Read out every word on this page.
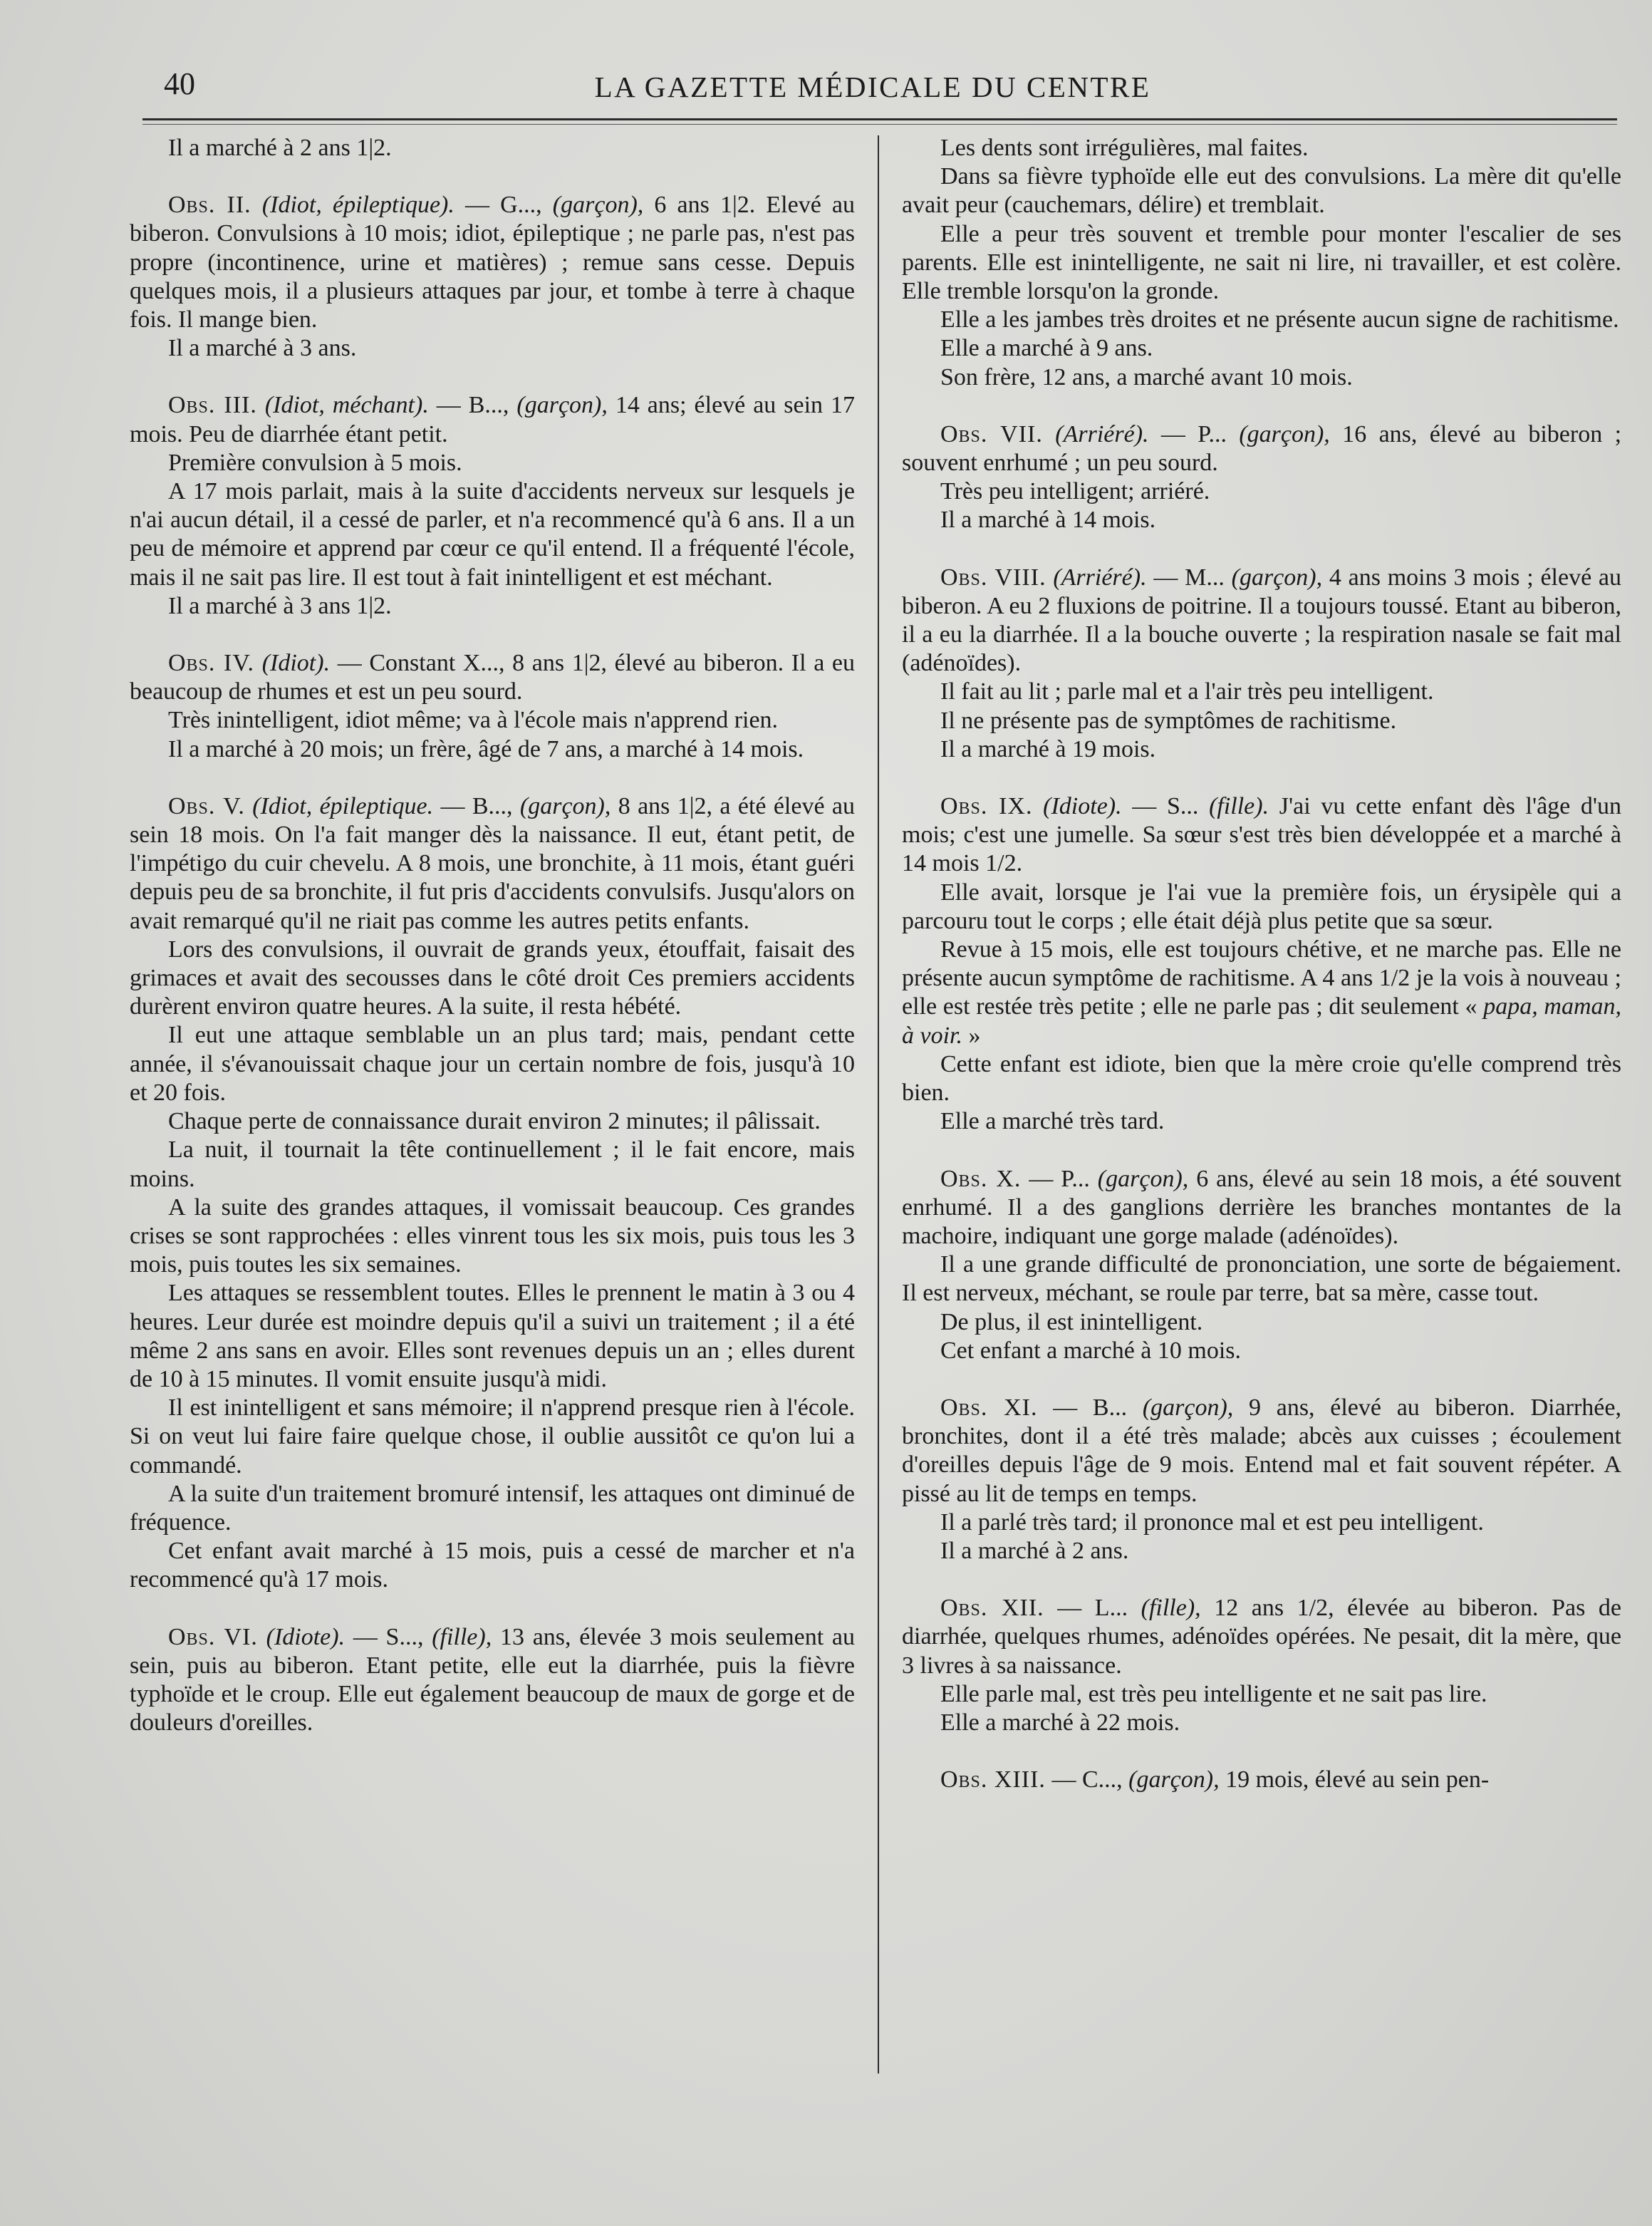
40	LA GAZETTE MÉDICALE DU CENTRE

Il a marché à 2 ans 1|2.

Obs. II. (Idiot, épileptique). — G..., (garçon), 6 ans 1|2. Elevé au biberon. Convulsions à 10 mois; idiot, épileptique ; ne parle pas, n'est pas propre (incontinence, urine et matières) ; remue sans cesse. Depuis quelques mois, il a plusieurs attaques par jour, et tombe à terre à chaque fois. Il mange bien.

Il a marché à 3 ans.

Obs. III. (Idiot, méchant). — B..., (garçon), 14 ans; élevé au sein 17 mois. Peu de diarrhée étant petit.

Première convulsion à 5 mois.

A 17 mois parlait, mais à la suite d'accidents nerveux sur lesquels je n'ai aucun détail, il a cessé de parler, et n'a recommencé qu'à 6 ans. Il a un peu de mémoire et apprend par cœur ce qu'il entend. Il a fréquenté l'école, mais il ne sait pas lire. Il est tout à fait inintelligent et est méchant.

Il a marché à 3 ans 1|2.

Obs. IV. (Idiot). — Constant X..., 8 ans 1|2, élevé au biberon. Il a eu beaucoup de rhumes et est un peu sourd.

Très inintelligent, idiot même; va à l'école mais n'apprend rien.

Il a marché à 20 mois; un frère, âgé de 7 ans, a marché à 14 mois.

Obs. V. (Idiot, épileptique. — B..., (garçon), 8 ans 1|2, a été élevé au sein 18 mois. On l'a fait manger dès la naissance. Il eut, étant petit, de l'impétigo du cuir chevelu. A 8 mois, une bronchite, à 11 mois, étant guéri depuis peu de sa bronchite, il fut pris d'accidents convulsifs. Jusqu'alors on avait remarqué qu'il ne riait pas comme les autres petits enfants.

Lors des convulsions, il ouvrait de grands yeux, étouffait, faisait des grimaces et avait des secousses dans le côté droit Ces premiers accidents durèrent environ quatre heures. A la suite, il resta hébété.

Il eut une attaque semblable un an plus tard; mais, pendant cette année, il s'évanouissait chaque jour un certain nombre de fois, jusqu'à 10 et 20 fois.

Chaque perte de connaissance durait environ 2 minutes; il pâlissait.

La nuit, il tournait la tête continuellement ; il le fait encore, mais moins.

A la suite des grandes attaques, il vomissait beaucoup. Ces grandes crises se sont rapprochées : elles vinrent tous les six mois, puis tous les 3 mois, puis toutes les six semaines.

Les attaques se ressemblent toutes. Elles le prennent le matin à 3 ou 4 heures. Leur durée est moindre depuis qu'il a suivi un traitement ; il a été même 2 ans sans en avoir. Elles sont revenues depuis un an ; elles durent de 10 à 15 minutes. Il vomit ensuite jusqu'à midi.

Il est inintelligent et sans mémoire; il n'apprend presque rien à l'école. Si on veut lui faire faire quelque chose, il oublie aussitôt ce qu'on lui a commandé.

A la suite d'un traitement bromuré intensif, les attaques ont diminué de fréquence.

Cet enfant avait marché à 15 mois, puis a cessé de marcher et n'a recommencé qu'à 17 mois.

Obs. VI. (Idiote). — S..., (fille), 13 ans, élevée 3 mois seulement au sein, puis au biberon. Etant petite, elle eut la diarrhée, puis la fièvre typhoïde et le croup. Elle eut également beaucoup de maux de gorge et de douleurs d'oreilles.

Les dents sont irrégulières, mal faites.

Dans sa fièvre typhoïde elle eut des convulsions. La mère dit qu'elle avait peur (cauchemars, délire) et tremblait.

Elle a peur très souvent et tremble pour monter l'escalier de ses parents. Elle est inintelligente, ne sait ni lire, ni travailler, et est colère. Elle tremble lorsqu'on la gronde.

Elle a les jambes très droites et ne présente aucun signe de rachitisme.

Elle a marché à 9 ans.

Son frère, 12 ans, a marché avant 10 mois.

Obs. VII. (Arriéré). — P... (garçon), 16 ans, élevé au biberon ; souvent enrhumé ; un peu sourd.

Très peu intelligent; arriéré.

Il a marché à 14 mois.

Obs. VIII. (Arriéré). — M... (garçon), 4 ans moins 3 mois ; élevé au biberon. A eu 2 fluxions de poitrine. Il a toujours toussé. Etant au biberon, il a eu la diarrhée. Il a la bouche ouverte ; la respiration nasale se fait mal (adénoïdes).

Il fait au lit ; parle mal et a l'air très peu intelligent.

Il ne présente pas de symptômes de rachitisme.

Il a marché à 19 mois.

Obs. IX. (Idiote). — S... (fille). J'ai vu cette enfant dès l'âge d'un mois; c'est une jumelle. Sa sœur s'est très bien développée et a marché à 14 mois 1/2.

Elle avait, lorsque je l'ai vue la première fois, un érysipèle qui a parcouru tout le corps ; elle était déjà plus petite que sa sœur.

Revue à 15 mois, elle est toujours chétive, et ne marche pas. Elle ne présente aucun symptôme de rachitisme. A 4 ans 1/2 je la vois à nouveau ; elle est restée très petite ; elle ne parle pas ; dit seulement « papa, maman, à voir. »

Cette enfant est idiote, bien que la mère croie qu'elle comprend très bien.

Elle a marché très tard.

Obs. X. — P... (garçon), 6 ans, élevé au sein 18 mois, a été souvent enrhumé. Il a des ganglions derrière les branches montantes de la machoire, indiquant une gorge malade (adénoïdes).

Il a une grande difficulté de prononciation, une sorte de bégaiement. Il est nerveux, méchant, se roule par terre, bat sa mère, casse tout.

De plus, il est inintelligent.

Cet enfant a marché à 10 mois.

Obs. XI. — B... (garçon), 9 ans, élevé au biberon. Diarrhée, bronchites, dont il a été très malade; abcès aux cuisses ; écoulement d'oreilles depuis l'âge de 9 mois. Entend mal et fait souvent répéter. A pissé au lit de temps en temps.

Il a parlé très tard; il prononce mal et est peu intelligent.

Il a marché à 2 ans.

Obs. XII. — L... (fille), 12 ans 1/2, élevée au biberon. Pas de diarrhée, quelques rhumes, adénoïdes opérées. Ne pesait, dit la mère, que 3 livres à sa naissance.

Elle parle mal, est très peu intelligente et ne sait pas lire.

Elle a marché à 22 mois.

Obs. XIII. — C..., (garçon), 19 mois, élevé au sein pen-
